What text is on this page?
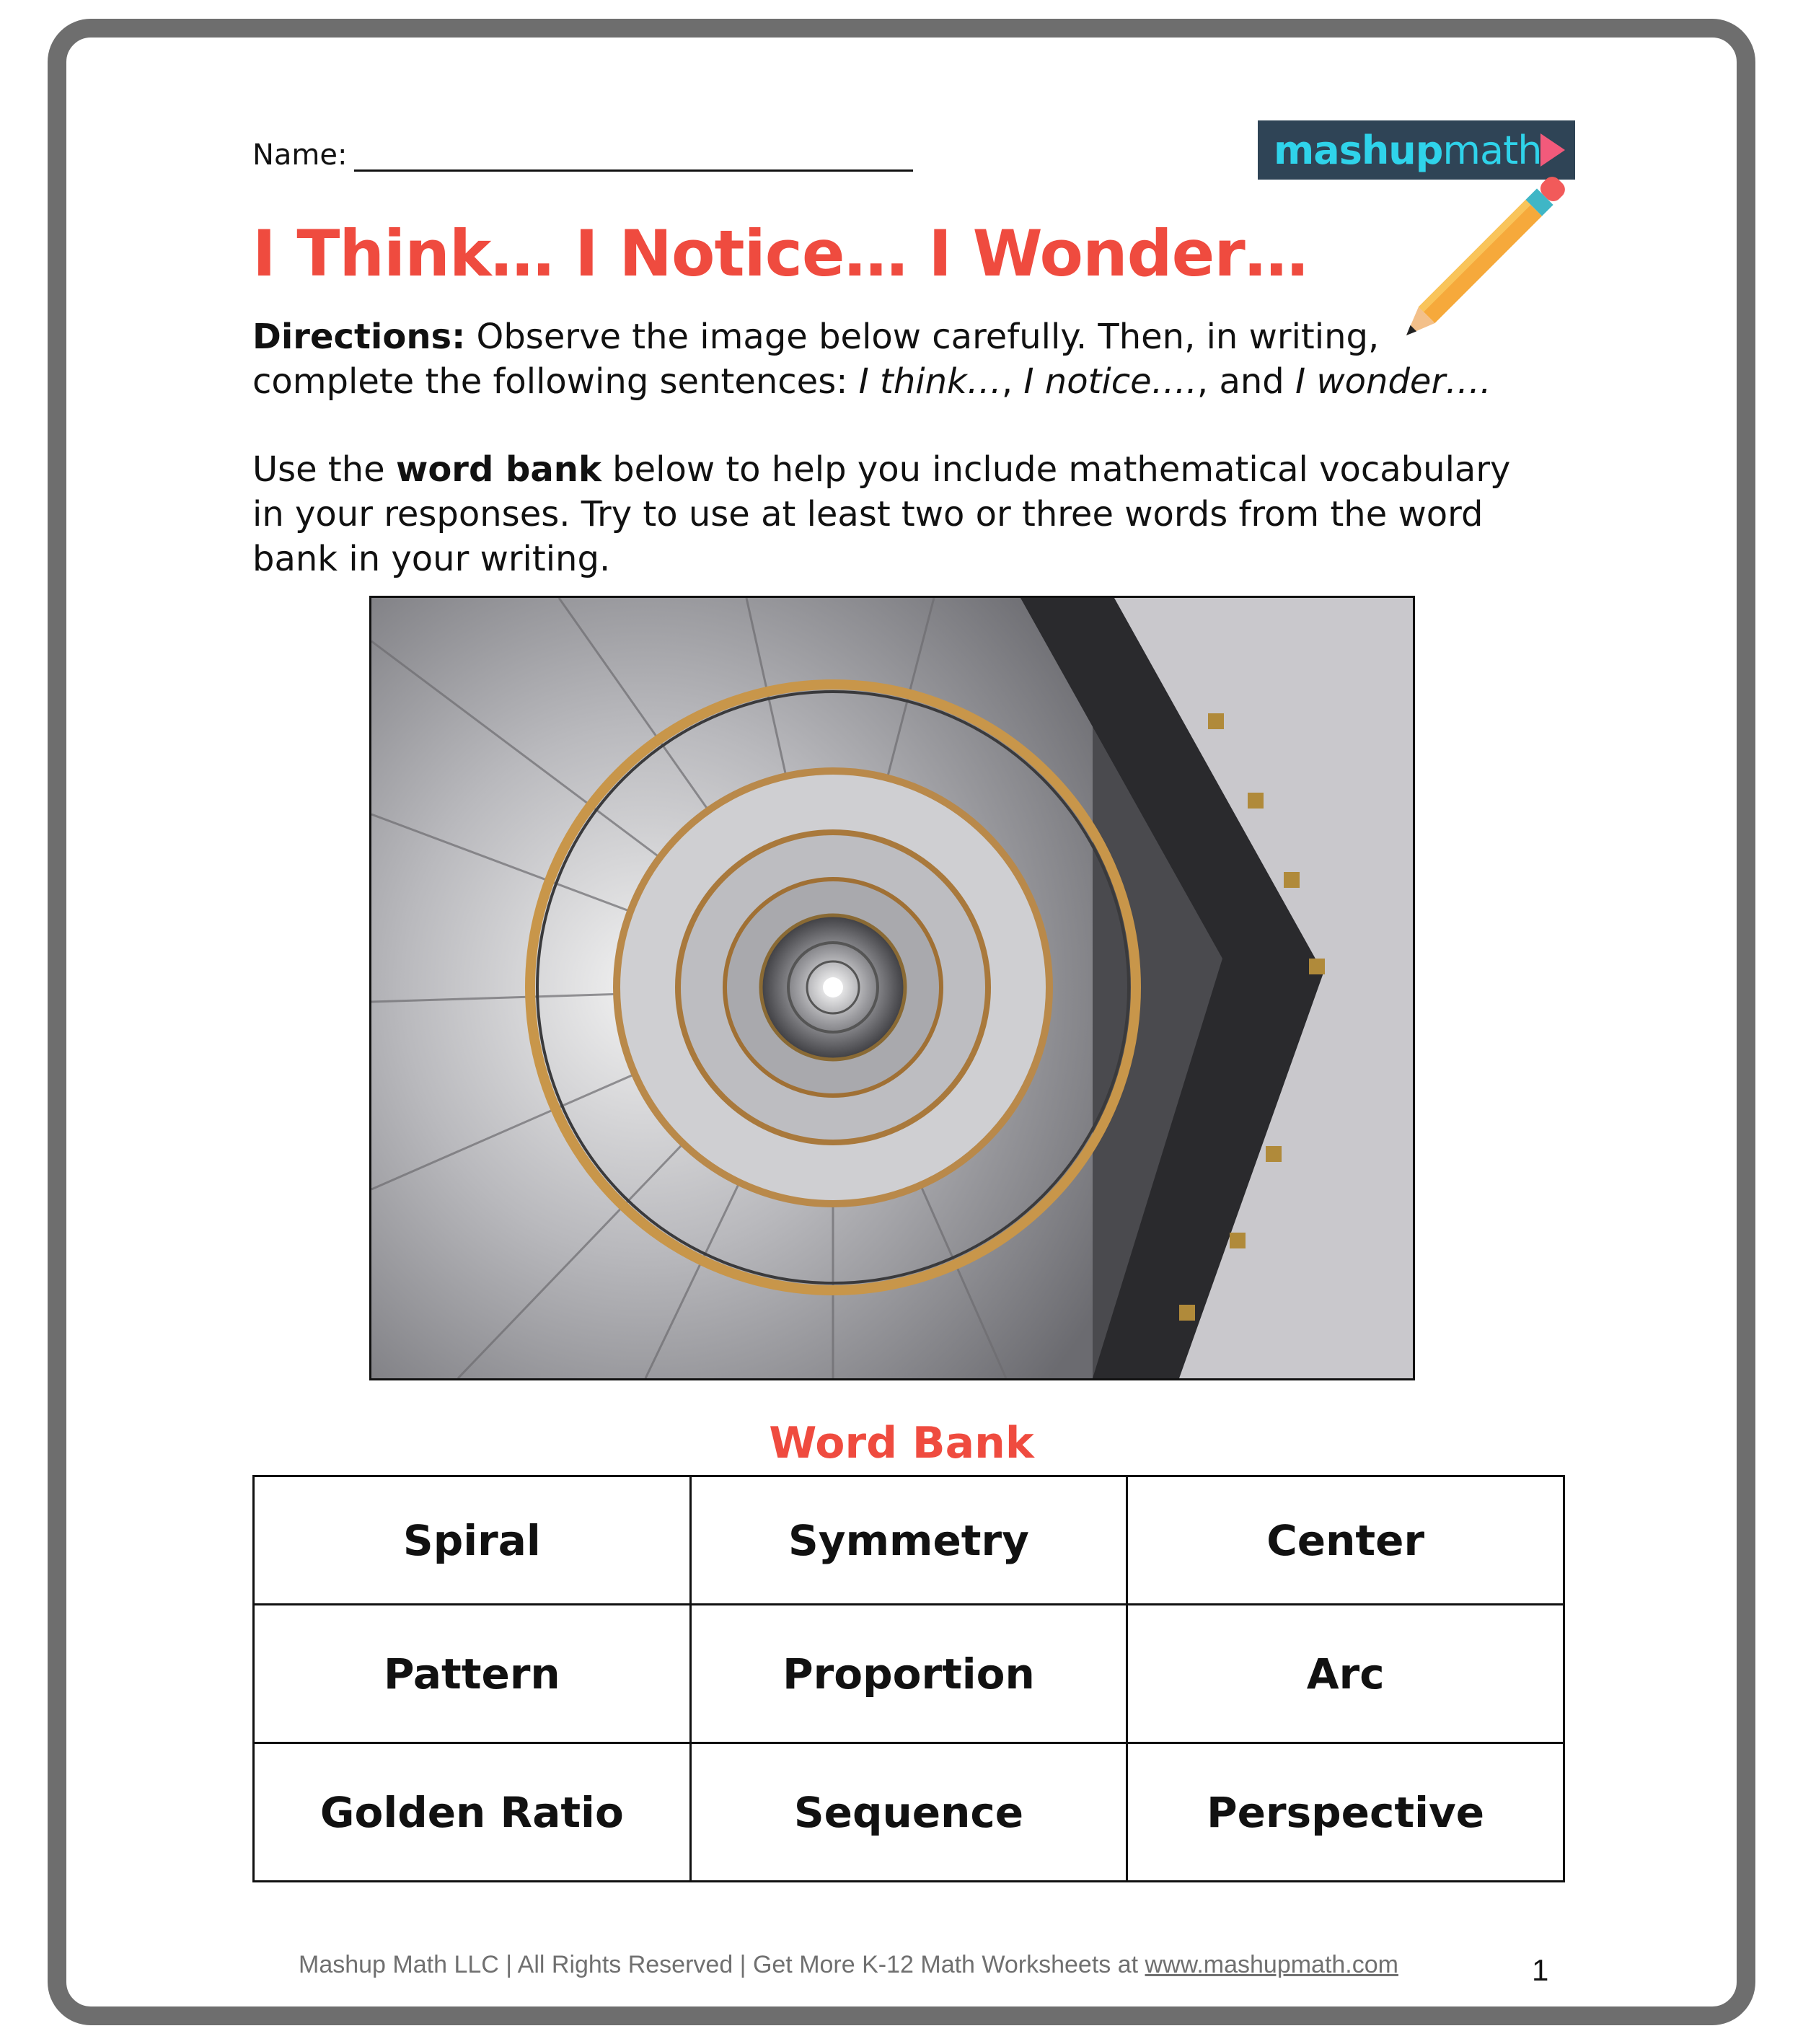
Name:	mashup math
I Think… I Notice… I Wonder…
Directions: Observe the image below carefully. Then, in writing, complete the following sentences: I think…, I notice…., and I wonder….
Use the word bank below to help you include mathematical vocabulary in your responses. Try to use at least two or three words from the word bank in your writing.
Word Bank
Spiral	Symmetry	Center
Pattern	Proportion	Arc
Golden Ratio	Sequence	Perspective
Mashup Math LLC | All Rights Reserved | Get More K-12 Math Worksheets at www.mashupmath.com	1
